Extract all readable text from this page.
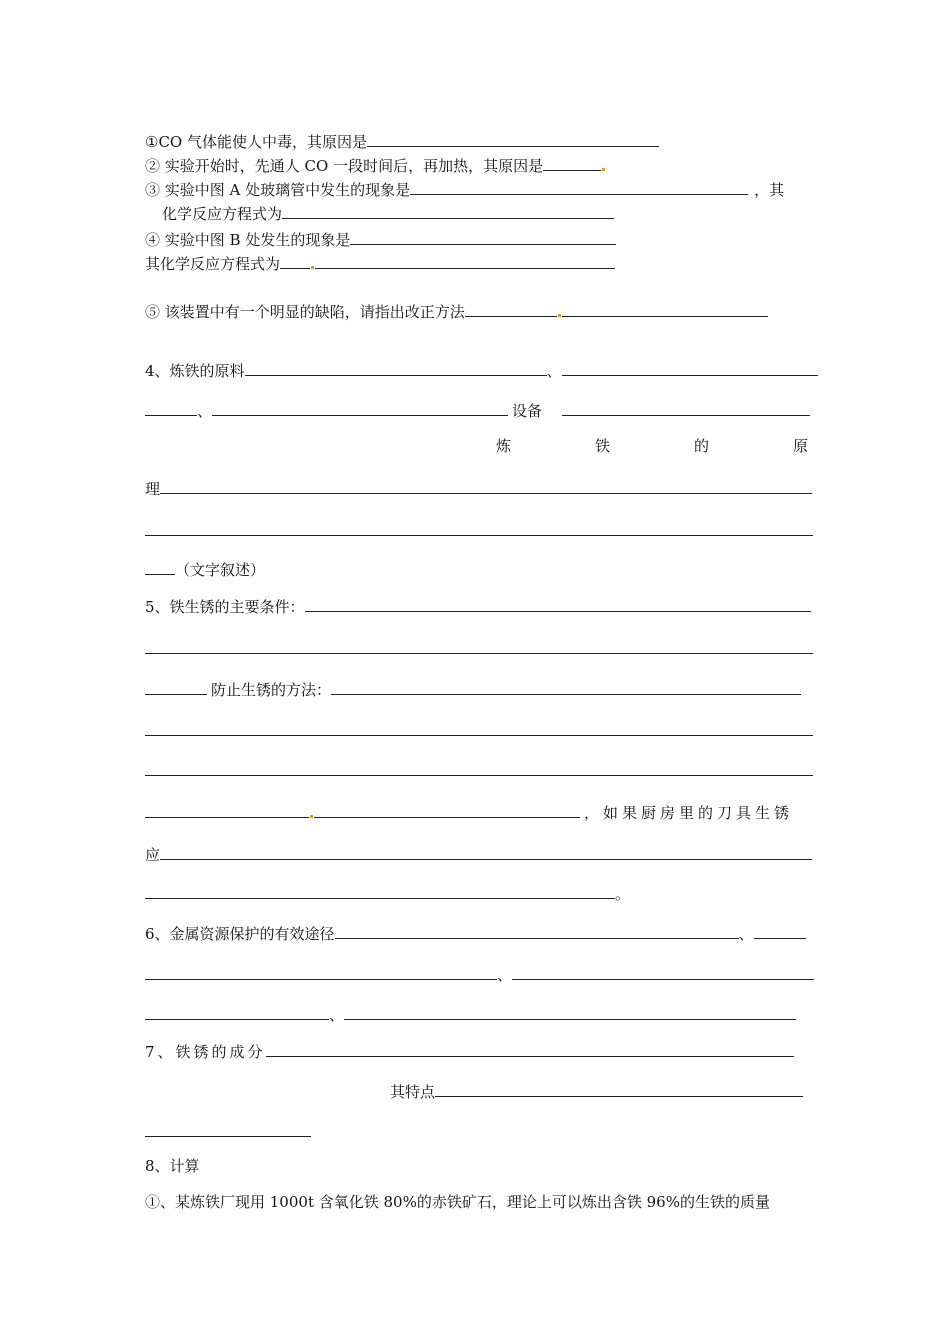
①CO 气体能使人中毒，其原因是
② 实验开始时，先通人 CO 一段时间后，再加热，其原因是
③ 实验中图 A 处玻璃管中发生的现象是	，其
化学反应方程式为
④ 实验中图 B 处发生的现象是
其化学反应方程式为
⑤ 该装置中有一个明显的缺陷，请指出改正方法
4、炼铁的原料	、
、	设备
炼	铁	的	原
理
（文字叙述）
5、铁生锈的主要条件：
防止生锈的方法：
，如果厨房里的刀具生锈
应
。
6、金属资源保护的有效途径	、
、
、
7、铁锈的成分
其特点
8、计算
①、某炼铁厂现用 1000t 含氧化铁 80%的赤铁矿石，理论上可以炼出含铁 96%的生铁的质量
